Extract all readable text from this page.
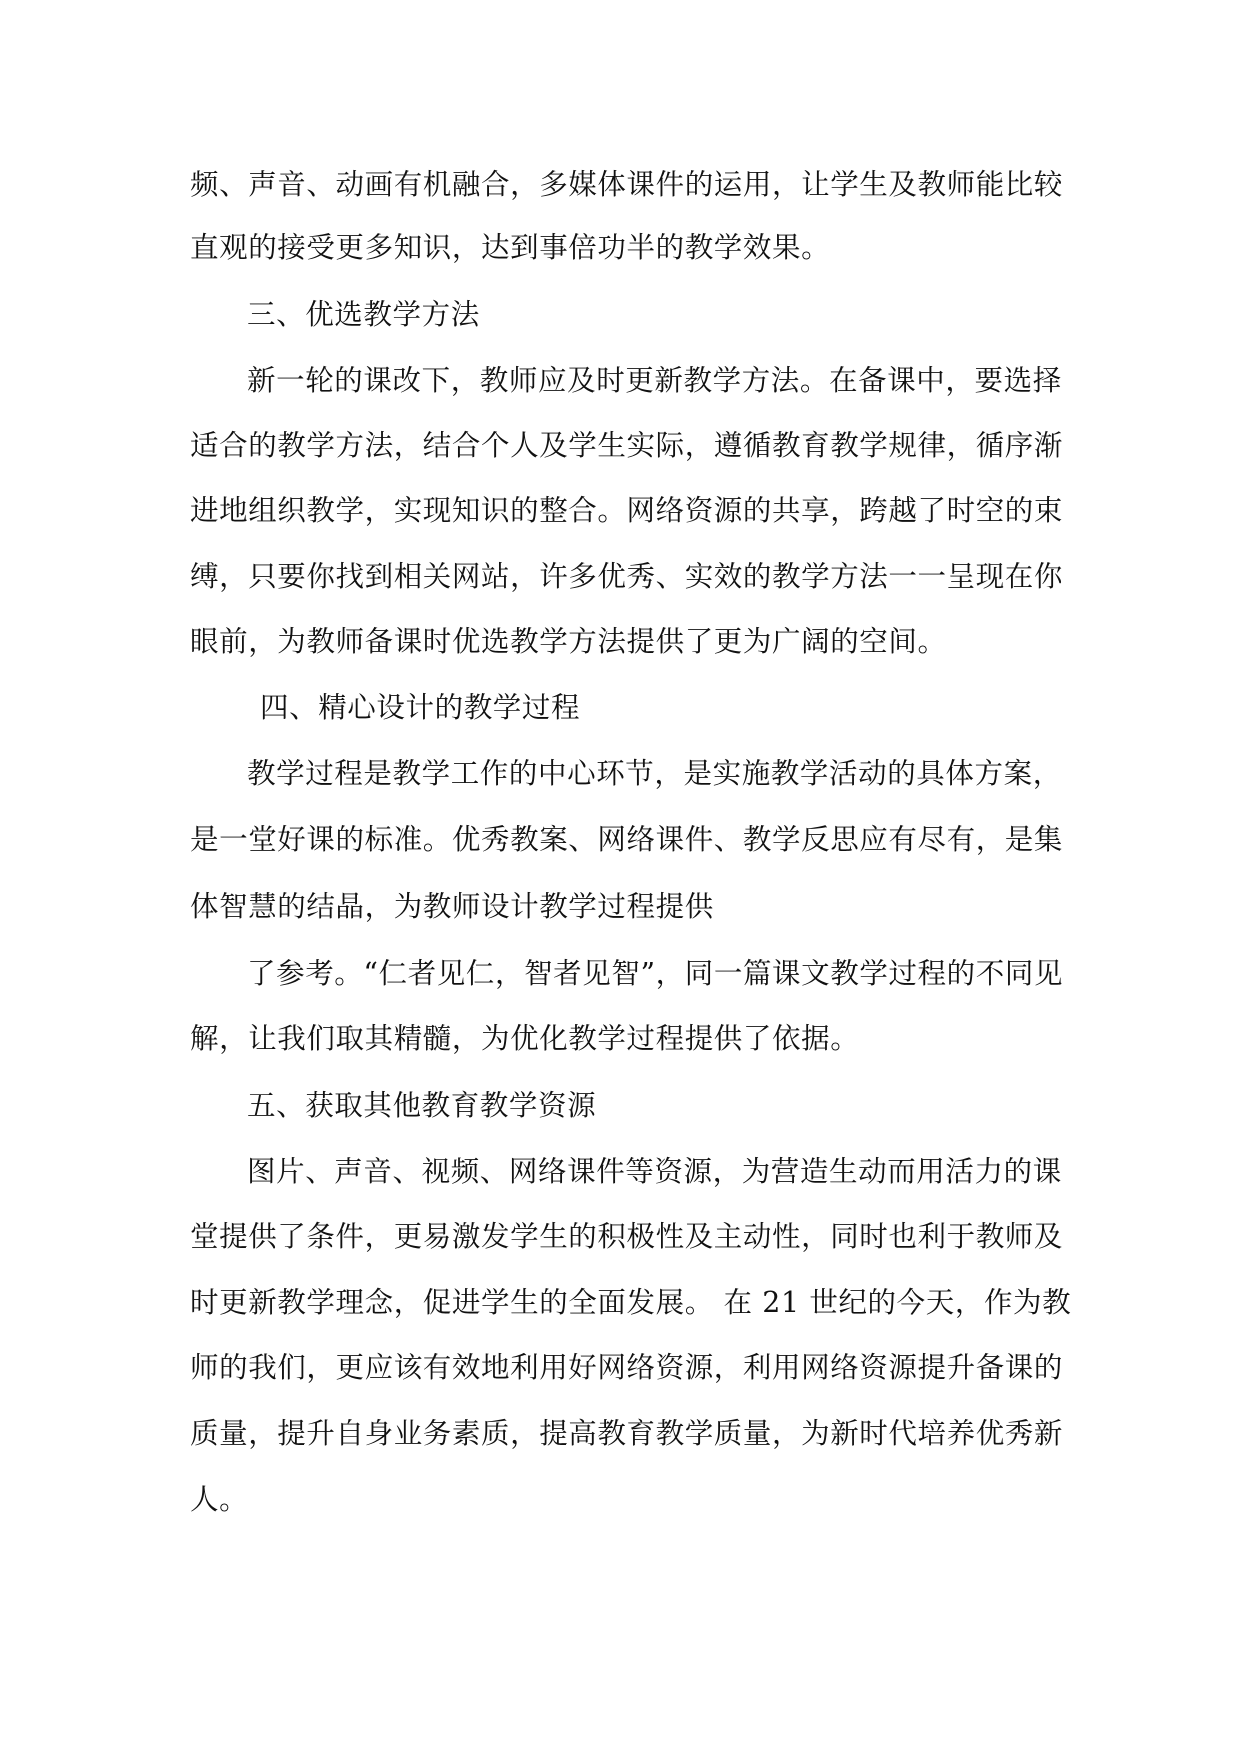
频、声音、动画有机融合，多媒体课件的运用，让学生及教师能比较
直观的接受更多知识，达到事倍功半的教学效果。
三、优选教学方法
新一轮的课改下，教师应及时更新教学方法。在备课中，要选择
适合的教学方法，结合个人及学生实际，遵循教育教学规律，循序渐
进地组织教学，实现知识的整合。网络资源的共享，跨越了时空的束
缚，只要你找到相关网站，许多优秀、实效的教学方法一一呈现在你
眼前，为教师备课时优选教学方法提供了更为广阔的空间。
四、精心设计的教学过程
教学过程是教学工作的中心环节，是实施教学活动的具体方案，
是一堂好课的标准。优秀教案、网络课件、教学反思应有尽有，是集
体智慧的结晶，为教师设计教学过程提供
了参考。“仁者见仁，智者见智”，同一篇课文教学过程的不同见
解，让我们取其精髓，为优化教学过程提供了依据。
五、获取其他教育教学资源
图片、声音、视频、网络课件等资源，为营造生动而用活力的课
堂提供了条件，更易激发学生的积极性及主动性，同时也利于教师及
时更新教学理念，促进学生的全面发展。 在 21 世纪的今天，作为教
师的我们，更应该有效地利用好网络资源，利用网络资源提升备课的
质量，提升自身业务素质，提高教育教学质量，为新时代培养优秀新
人。
